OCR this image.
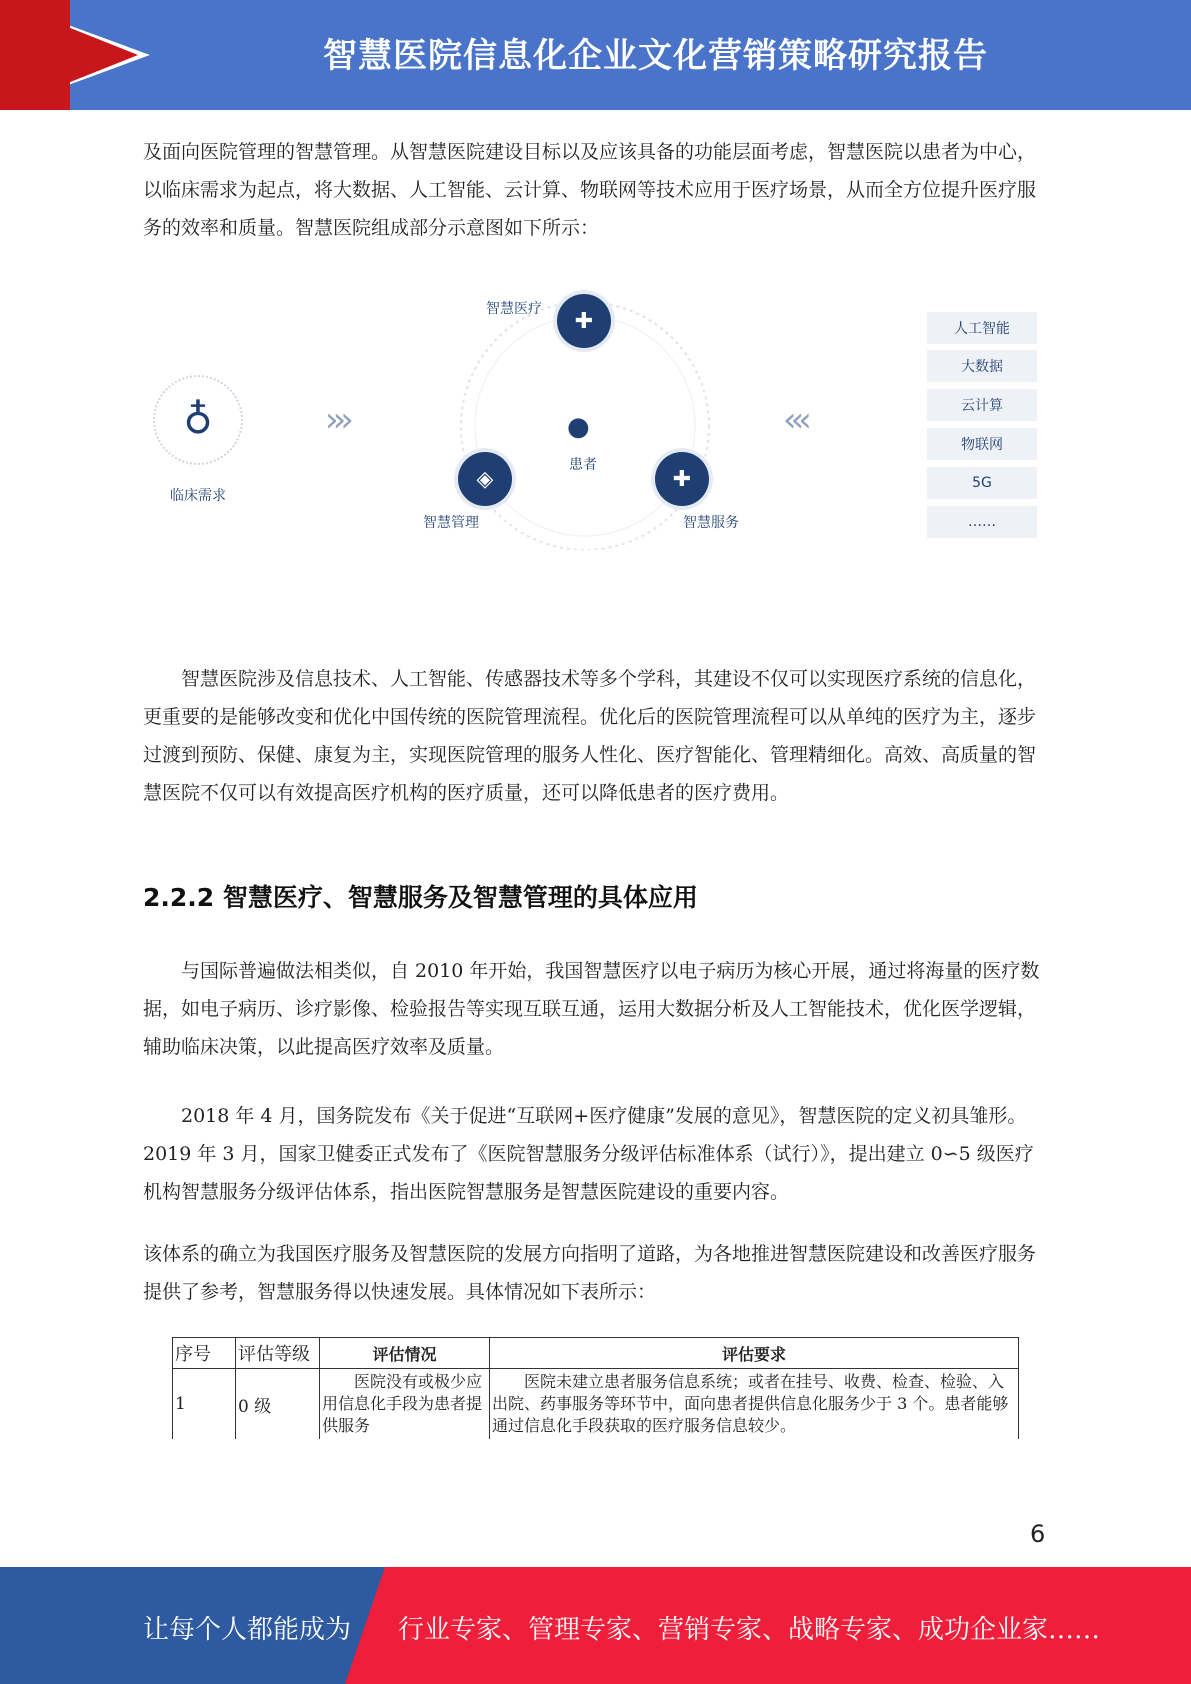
智慧医院信息化企业文化营销策略研究报告

及面向医院管理的智慧管理。从智慧医院建设目标以及应该具备的功能层面考虑，智慧医院以患者为中心，以临床需求为起点，将大数据、人工智能、云计算、物联网等技术应用于医疗场景，从而全方位提升医疗服务的效率和质量。智慧医院组成部分示意图如下所示：

♁
临床需求
›››	‹‹‹
✚
智慧医疗
●
患者
◈
智慧管理
✚
智慧服务
人工智能
大数据
云计算
物联网
5G
……

智慧医院涉及信息技术、人工智能、传感器技术等多个学科，其建设不仅可以实现医疗系统的信息化，更重要的是能够改变和优化中国传统的医院管理流程。优化后的医院管理流程可以从单纯的医疗为主，逐步过渡到预防、保健、康复为主，实现医院管理的服务人性化、医疗智能化、管理精细化。高效、高质量的智慧医院不仅可以有效提高医疗机构的医疗质量，还可以降低患者的医疗费用。

2.2.2 智慧医疗、智慧服务及智慧管理的具体应用

与国际普遍做法相类似，自 2010 年开始，我国智慧医疗以电子病历为核心开展，通过将海量的医疗数据，如电子病历、诊疗影像、检验报告等实现互联互通，运用大数据分析及人工智能技术，优化医学逻辑，辅助临床决策，以此提高医疗效率及质量。

2018 年 4 月，国务院发布《关于促进“互联网+医疗健康”发展的意见》，智慧医院的定义初具雏形。2019 年 3 月，国家卫健委正式发布了《医院智慧服务分级评估标准体系（试行）》，提出建立 0∽5 级医疗机构智慧服务分级评估体系，指出医院智慧服务是智慧医院建设的重要内容。

该体系的确立为我国医疗服务及智慧医院的发展方向指明了道路，为各地推进智慧医院建设和改善医疗服务提供了参考，智慧服务得以快速发展。具体情况如下表所示：

序号	评估等级	评估情况	评估要求
1	0 级	医院没有或极少应用信息化手段为患者提供服务	医院未建立患者服务信息系统；或者在挂号、收费、检查、检验、入出院、药事服务等环节中，面向患者提供信息化服务少于 3 个。患者能够通过信息化手段获取的医疗服务信息较少。
6
让每个人都能成为 行业专家、管理专家、营销专家、战略专家、成功企业家……
